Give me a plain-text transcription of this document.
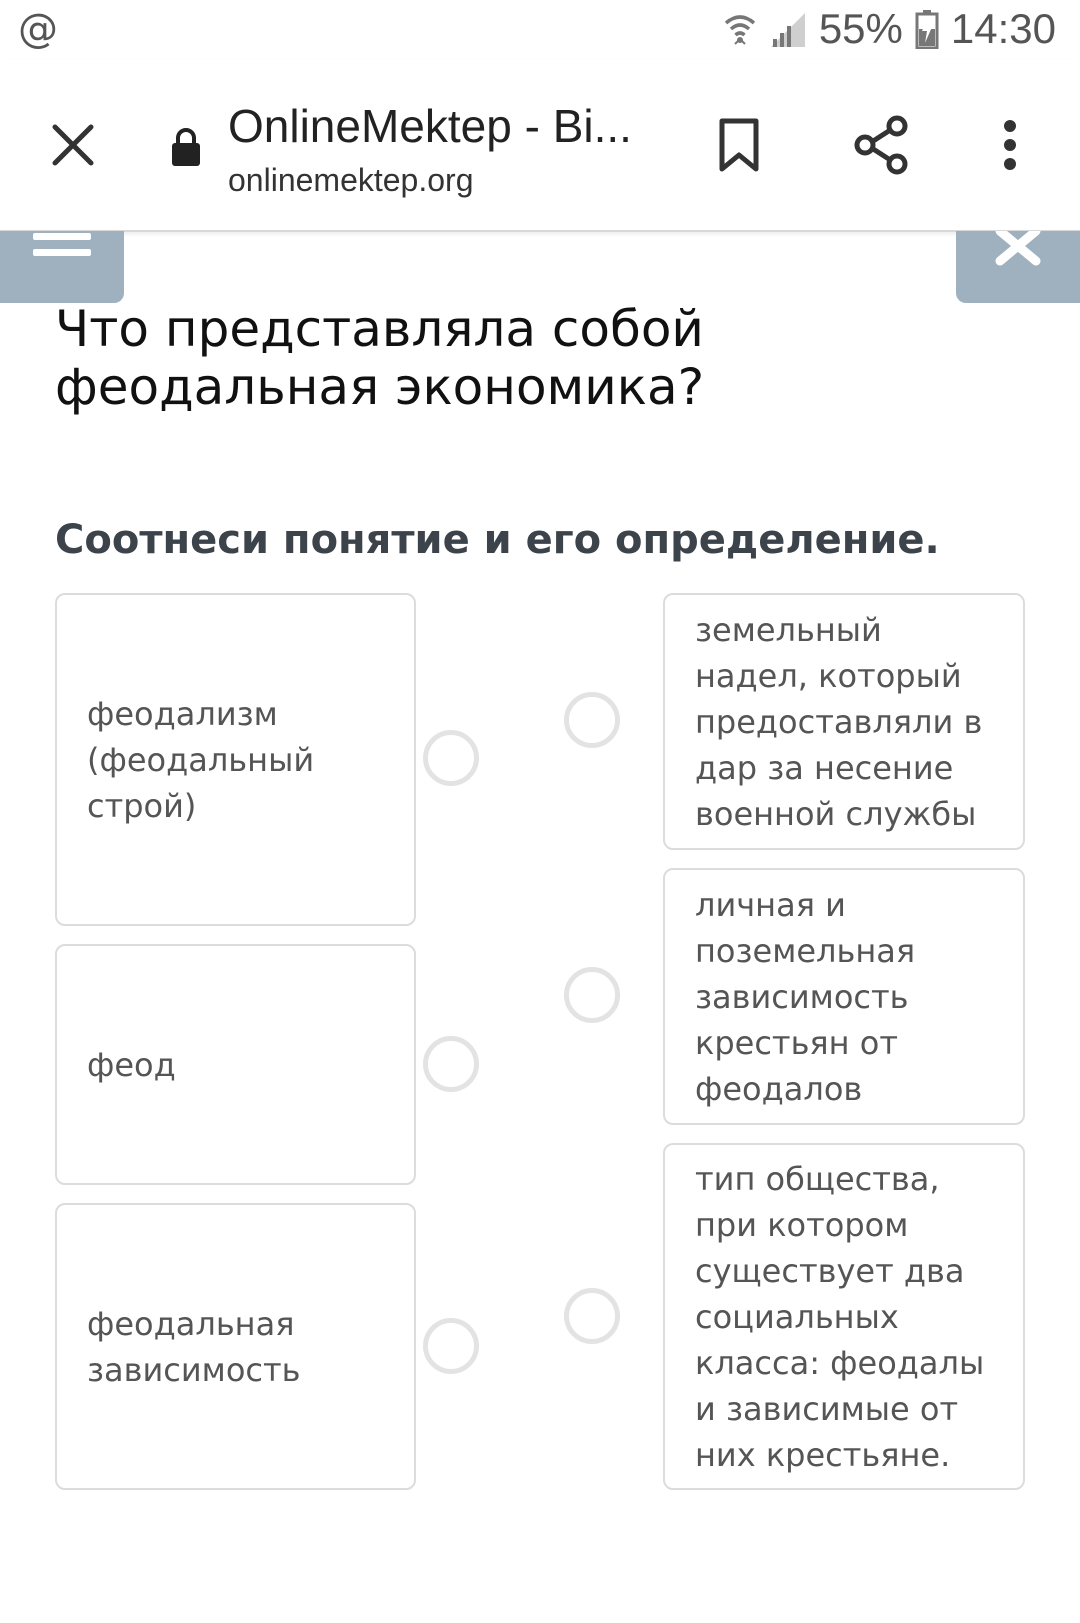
@	55% 14:30
OnlineMektep - Bi...
onlinemektep.org
Что представляла собой
феодальная экономика?
Соотнеси понятие и его определение.
феодализм (феодальный строй)
феод
феодальная зависимость
земельный надел, который предоставляли в дар за несение военной службы
личная и поземельная зависимость крестьян от феодалов
тип общества, при котором существует два социальных класса: феодалы и зависимые от них крестьяне.
